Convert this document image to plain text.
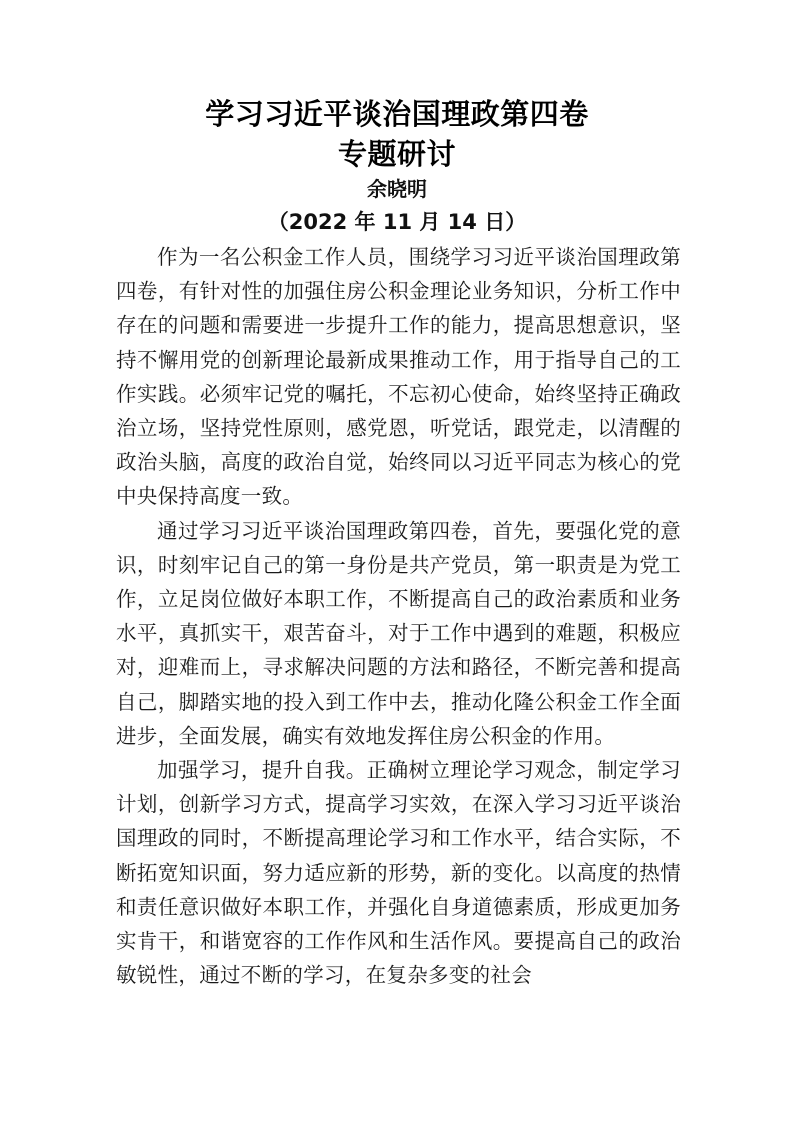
学习习近平谈治国理政第四卷
专题研讨
余晓明
（2022 年 11 月 14 日）

作为一名公积金工作人员，围绕学习习近平谈治国理政第四卷，有针对性的加强住房公积金理论业务知识，分析工作中存在的问题和需要进一步提升工作的能力，提高思想意识，坚持不懈用党的创新理论最新成果推动工作，用于指导自己的工作实践。必须牢记党的嘱托，不忘初心使命，始终坚持正确政治立场，坚持党性原则，感党恩，听党话，跟党走，以清醒的政治头脑，高度的政治自觉，始终同以习近平同志为核心的党中央保持高度一致。

通过学习习近平谈治国理政第四卷，首先，要强化党的意识，时刻牢记自己的第一身份是共产党员，第一职责是为党工作，立足岗位做好本职工作，不断提高自己的政治素质和业务水平，真抓实干，艰苦奋斗，对于工作中遇到的难题，积极应对，迎难而上，寻求解决问题的方法和路径，不断完善和提高自己，脚踏实地的投入到工作中去，推动化隆公积金工作全面进步，全面发展，确实有效地发挥住房公积金的作用。

加强学习，提升自我。正确树立理论学习观念，制定学习计划，创新学习方式，提高学习实效，在深入学习习近平谈治国理政的同时，不断提高理论学习和工作水平，结合实际，不断拓宽知识面，努力适应新的形势，新的变化。以高度的热情和责任意识做好本职工作，并强化自身道德素质，形成更加务实肯干，和谐宽容的工作作风和生活作风。要提高自己的政治敏锐性，通过不断的学习，在复杂多变的社会
